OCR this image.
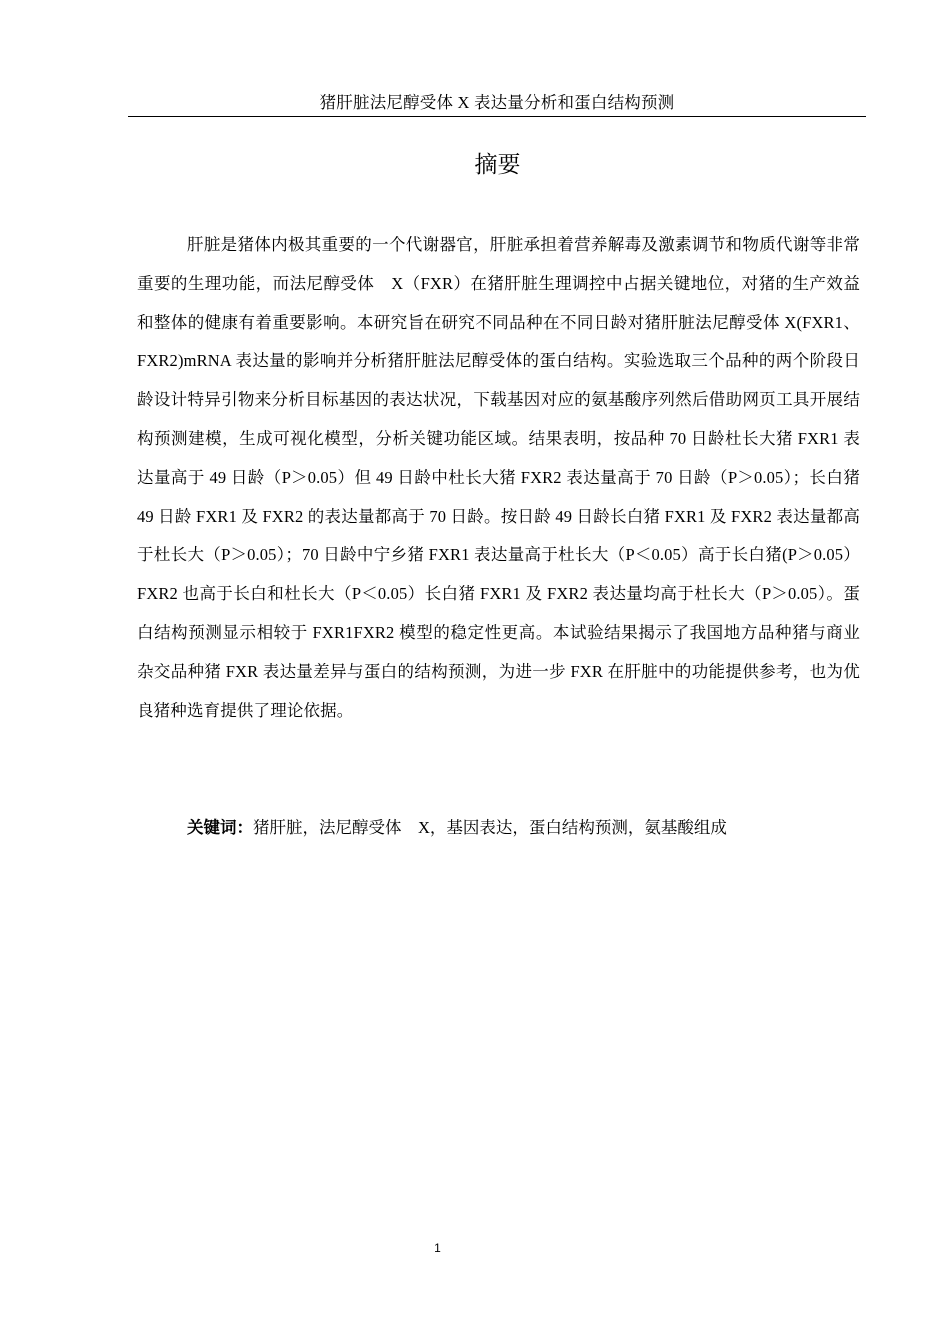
猪肝脏法尼醇受体 X 表达量分析和蛋白结构预测
摘要

肝脏是猪体内极其重要的一个代谢器官，肝脏承担着营养解毒及激素调节和物质代谢等非常重要的生理功能，而法尼醇受体　X（FXR）在猪肝脏生理调控中占据关键地位，对猪的生产效益和整体的健康有着重要影响。本研究旨在研究不同品种在不同日龄对猪肝脏法尼醇受体 X(FXR1、FXR2)mRNA 表达量的影响并分析猪肝脏法尼醇受体的蛋白结构。实验选取三个品种的两个阶段日龄设计特异引物来分析目标基因的表达状况，下载基因对应的氨基酸序列然后借助网页工具开展结构预测建模，生成可视化模型，分析关键功能区域。结果表明，按品种 70 日龄杜长大猪 FXR1 表达量高于 49 日龄（P＞0.05）但 49 日龄中杜长大猪 FXR2 表达量高于 70 日龄（P＞0.05）；长白猪 49 日龄 FXR1 及 FXR2 的表达量都高于 70 日龄。按日龄 49 日龄长白猪 FXR1 及 FXR2 表达量都高于杜长大（P＞0.05）；70 日龄中宁乡猪 FXR1 表达量高于杜长大（P＜0.05）高于长白猪(P＞0.05）FXR2 也高于长白和杜长大（P＜0.05）长白猪 FXR1 及 FXR2 表达量均高于杜长大（P＞0.05）。蛋白结构预测显示相较于 FXR1FXR2 模型的稳定性更高。本试验结果揭示了我国地方品种猪与商业杂交品种猪 FXR 表达量差异与蛋白的结构预测，为进一步 FXR 在肝脏中的功能提供参考，也为优良猪种选育提供了理论依据。

关键词：猪肝脏，法尼醇受体　X，基因表达，蛋白结构预测，氨基酸组成

1
